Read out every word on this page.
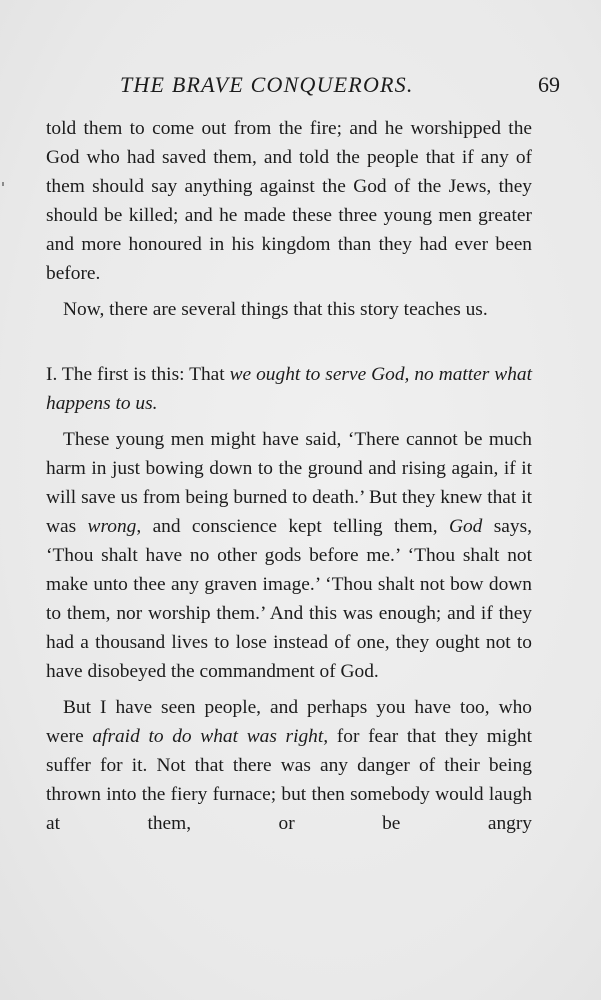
THE BRAVE CONQUERORS.	69

told them to come out from the fire; and he worshipped the God who had saved them, and told the people that if any of them should say anything against the God of the Jews, they should be killed; and he made these three young men greater and more honoured in his kingdom than they had ever been before.

Now, there are several things that this story teaches us.

I. The first is this: That we ought to serve God, no matter what happens to us.

These young men might have said, ‘There cannot be much harm in just bowing down to the ground and rising again, if it will save us from being burned to death.’ But they knew that it was wrong, and conscience kept telling them, God says, ‘Thou shalt have no other gods before me.’ ‘Thou shalt not make unto thee any graven image.’ ‘Thou shalt not bow down to them, nor worship them.’ And this was enough; and if they had a thousand lives to lose instead of one, they ought not to have disobeyed the commandment of God.

But I have seen people, and perhaps you have too, who were afraid to do what was right, for fear that they might suffer for it. Not that there was any danger of their being thrown into the fiery furnace; but then somebody would laugh at them, or be angry
